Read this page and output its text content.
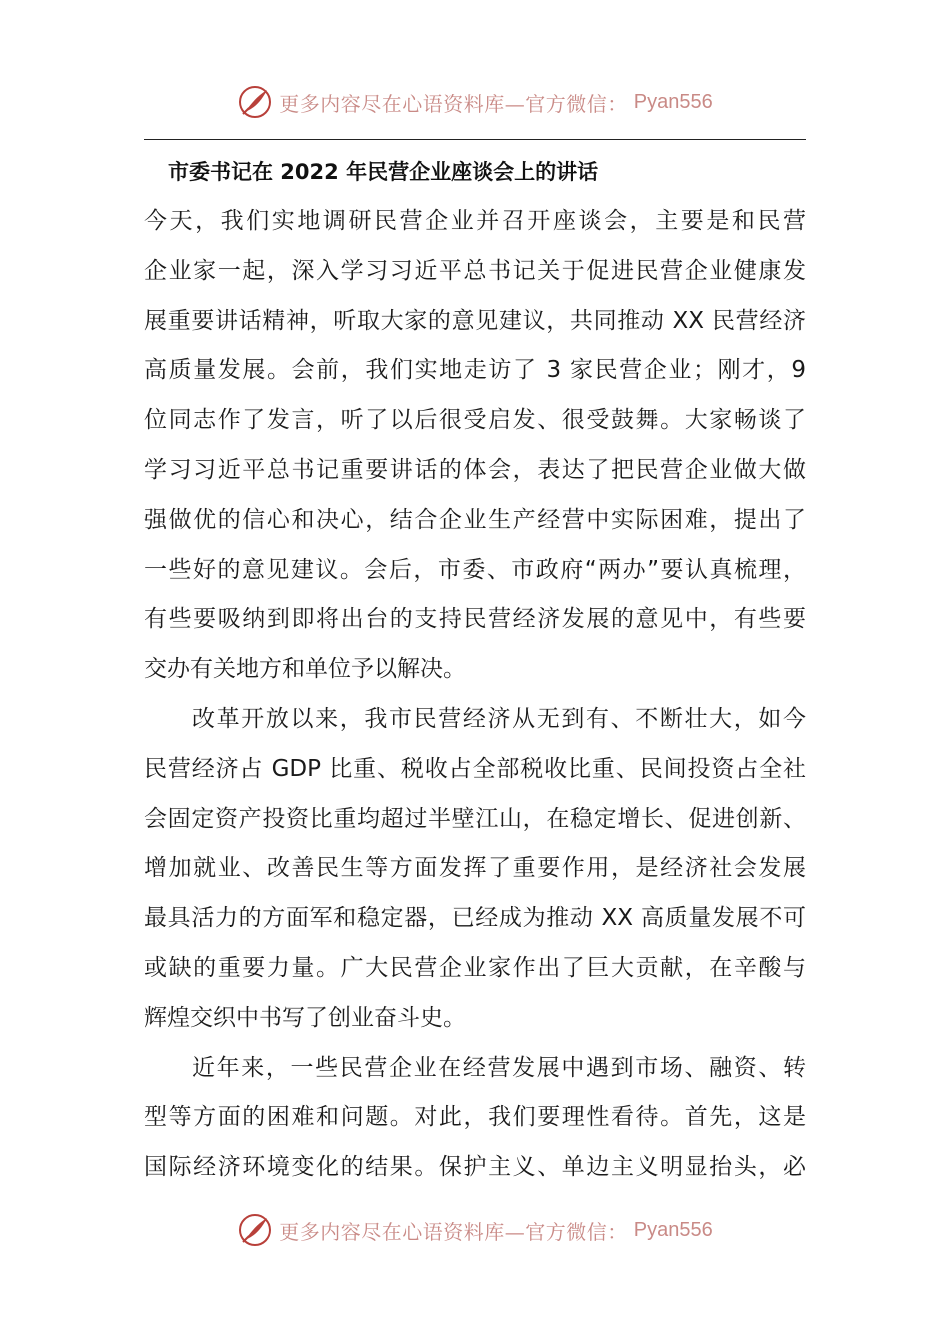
更多内容尽在心语资料库—官方微信： Pyan556
市委书记在 2022 年民营企业座谈会上的讲话
今天，我们实地调研民营企业并召开座谈会，主要是和民营
企业家一起，深入学习习近平总书记关于促进民营企业健康发
展重要讲话精神，听取大家的意见建议，共同推动 XX 民营经济
高质量发展。会前，我们实地走访了 3 家民营企业；刚才，9
位同志作了发言，听了以后很受启发、很受鼓舞。大家畅谈了
学习习近平总书记重要讲话的体会，表达了把民营企业做大做
强做优的信心和决心，结合企业生产经营中实际困难，提出了
一些好的意见建议。会后，市委、市政府“两办”要认真梳理，
有些要吸纳到即将出台的支持民营经济发展的意见中，有些要
交办有关地方和单位予以解决。
改革开放以来，我市民营经济从无到有、不断壮大，如今
民营经济占 GDP 比重、税收占全部税收比重、民间投资占全社
会固定资产投资比重均超过半壁江山，在稳定增长、促进创新、
增加就业、改善民生等方面发挥了重要作用，是经济社会发展
最具活力的方面军和稳定器，已经成为推动 XX 高质量发展不可
或缺的重要力量。广大民营企业家作出了巨大贡献，在辛酸与
辉煌交织中书写了创业奋斗史。
近年来，一些民营企业在经营发展中遇到市场、融资、转
型等方面的困难和问题。对此，我们要理性看待。首先，这是
国际经济环境变化的结果。保护主义、单边主义明显抬头，必
更多内容尽在心语资料库—官方微信： Pyan556
